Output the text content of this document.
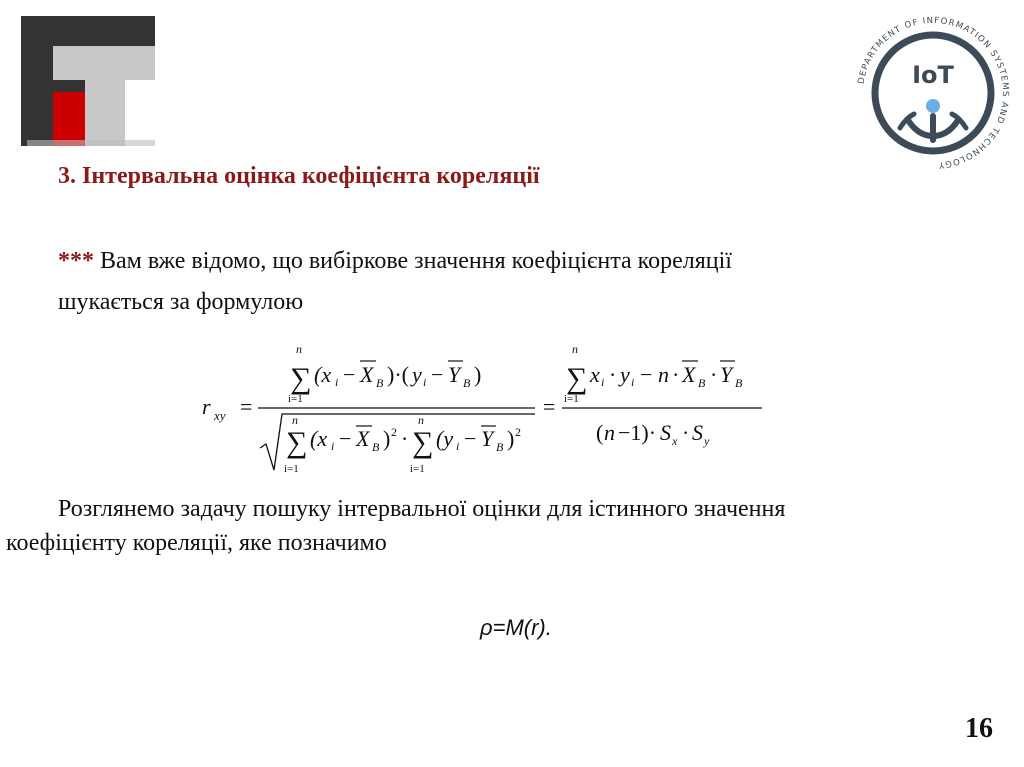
DEPARTMENT OF INFORMATION SYSTEMS AND TECHNOLOGY
IoT
3. Інтервальна оцінка коефіцієнта кореляції
*** Вам вже відомо, що вибіркове значення коефіцієнта кореляції
шукається за формулою
r xy =
∑
n
i=1
(x i − X B )·( y i − Y B )
∑
n
i=1
(x i − X B ) 2 · ∑
n
i=1
(y i − Y B ) 2
=
∑
n
i=1
x i · y i − n · X B · Y B
( n −1)· S x · S y
Розглянемо задачу пошуку інтервальної оцінки для істинного значення
коефіцієнту кореляції, яке позначимо
ρ=M(r).
16
